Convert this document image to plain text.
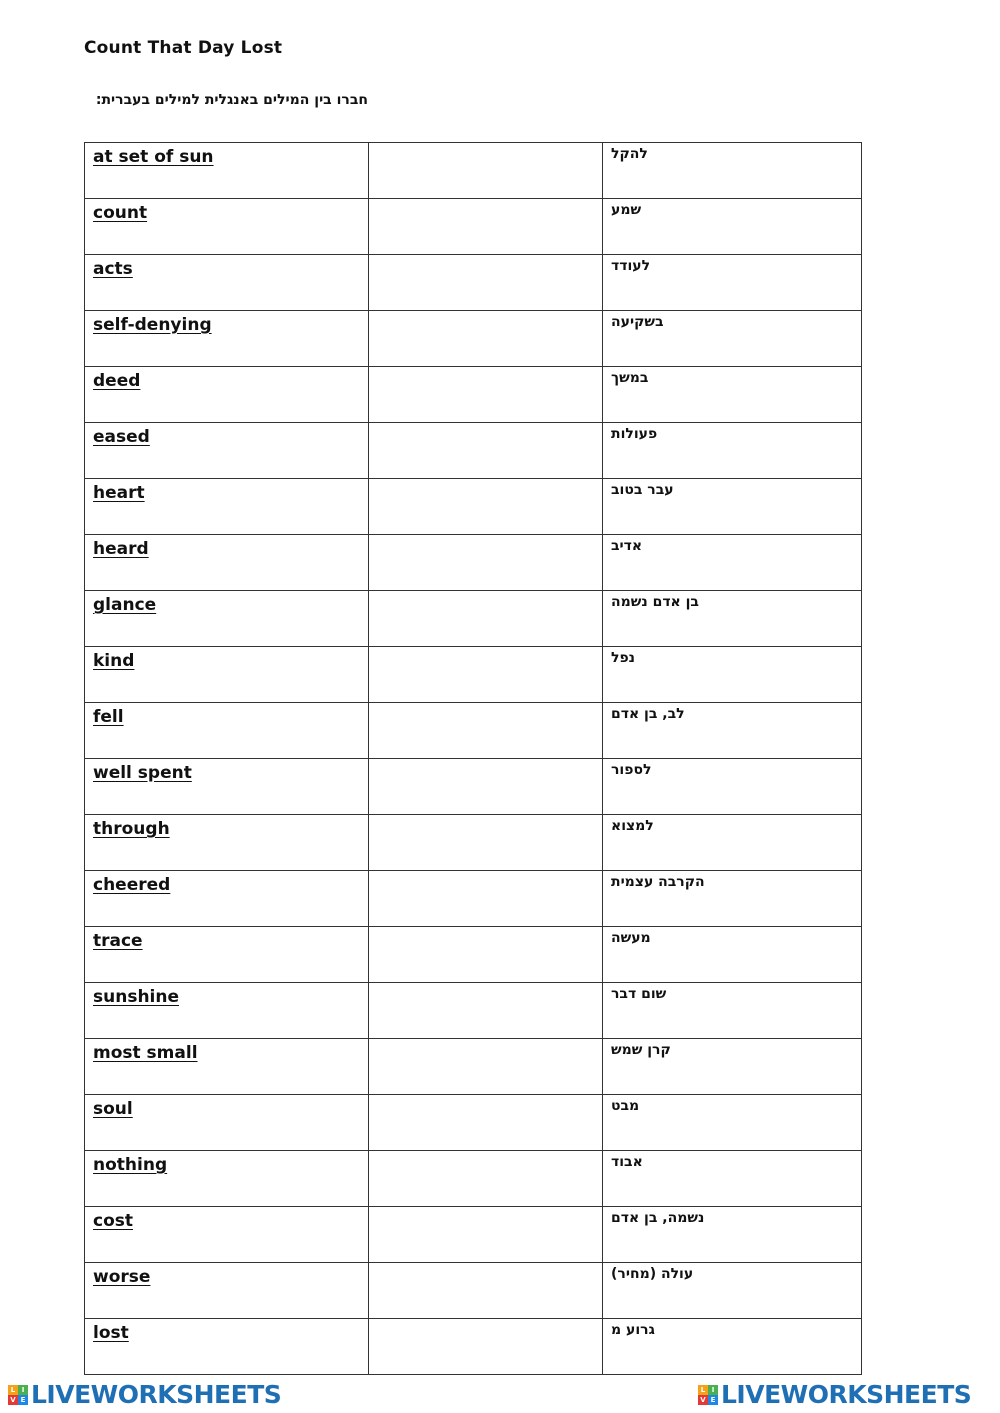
Count That Day Lost
חברו בין המילים באנגלית למילים בעברית:
at set of sun		להקל
count		שמע
acts		לעודד
self-denying		בשקיעה
deed		במשך
eased		פעולות
heart		עבר בטוב
heard		אדיב
glance		בן אדם נשמה
kind		נפל
fell		לב, בן אדם
well spent		לספור
through		למצוא
cheered		הקרבה עצמית
trace		מעשה
sunshine		שום דבר
most small		קרן שמש
soul		מבט
nothing		אבוד
cost		נשמה, בן אדם
worse		עולה (מחיר)
lost		גרוע מ
L I
V E LIVEWORKSHEETS	L I
V E LIVEWORKSHEETS
